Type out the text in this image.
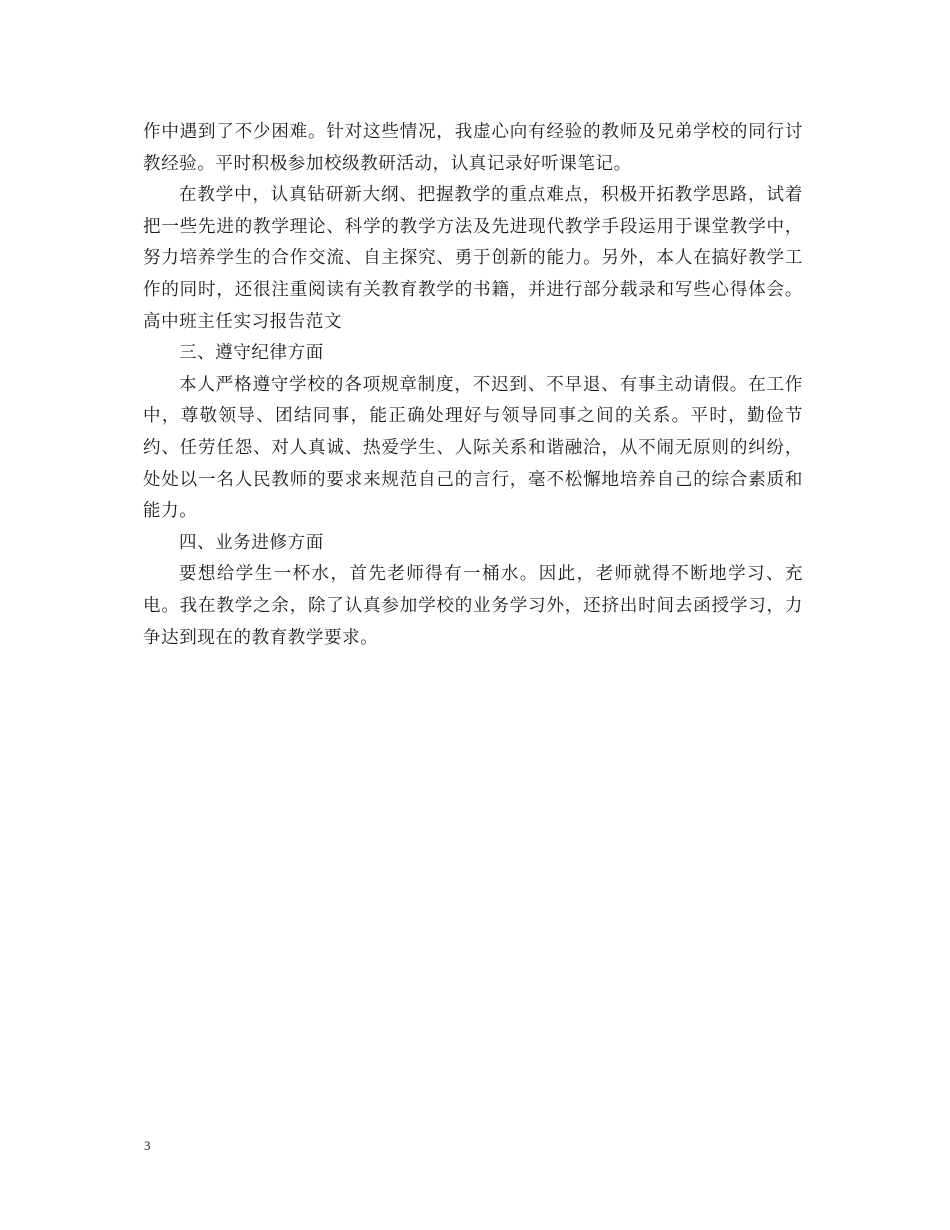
作中遇到了不少困难。针对这些情况，我虚心向有经验的教师及兄弟学校的同行讨教经验。平时积极参加校级教研活动，认真记录好听课笔记。

在教学中，认真钻研新大纲、把握教学的重点难点，积极开拓教学思路，试着把一些先进的教学理论、科学的教学方法及先进现代教学手段运用于课堂教学中，努力培养学生的合作交流、自主探究、勇于创新的能力。另外，本人在搞好教学工作的同时，还很注重阅读有关教育教学的书籍，并进行部分载录和写些心得体会。高中班主任实习报告范文

三、遵守纪律方面

本人严格遵守学校的各项规章制度，不迟到、不早退、有事主动请假。在工作中，尊敬领导、团结同事，能正确处理好与领导同事之间的关系。平时，勤俭节约、任劳任怨、对人真诚、热爱学生、人际关系和谐融洽，从不闹无原则的纠纷，处处以一名人民教师的要求来规范自己的言行，毫不松懈地培养自己的综合素质和能力。

四、业务进修方面

要想给学生一杯水，首先老师得有一桶水。因此，老师就得不断地学习、充电。我在教学之余，除了认真参加学校的业务学习外，还挤出时间去函授学习，力争达到现在的教育教学要求。

3
